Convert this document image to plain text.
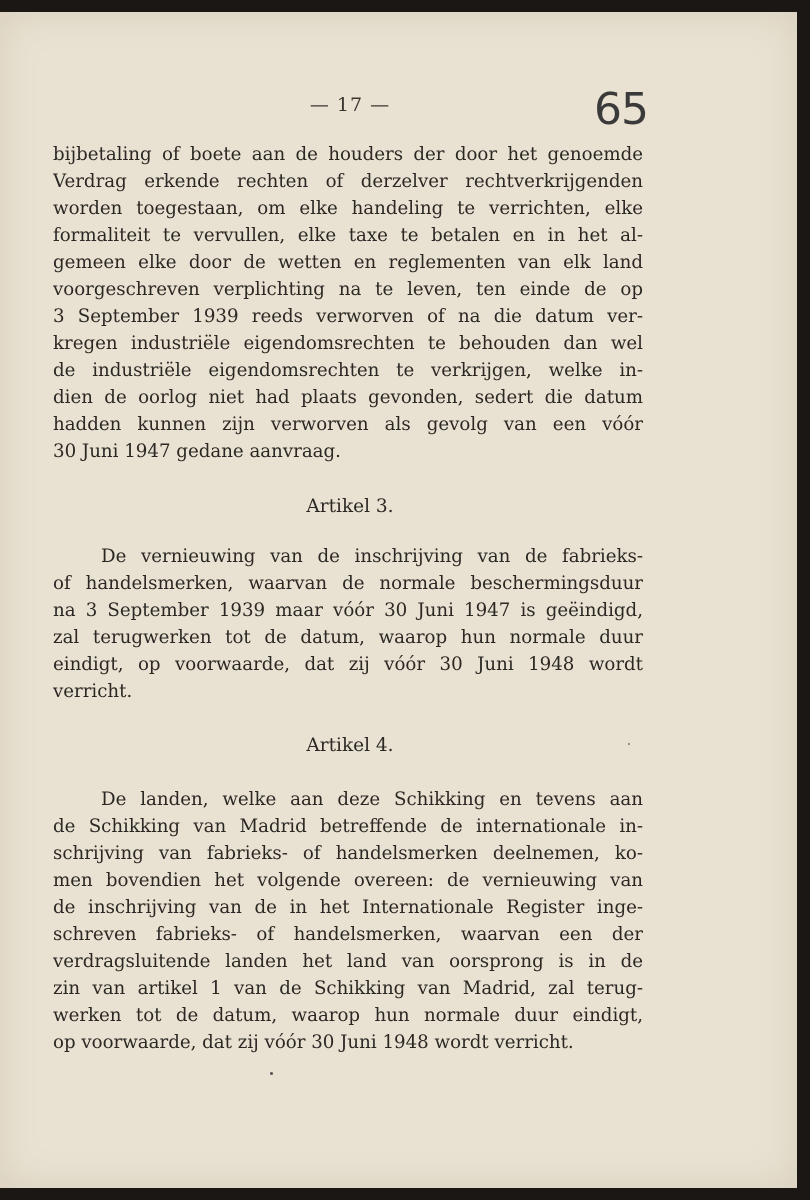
— 17 —	65
bijbetaling of boete aan de houders der door het genoemde
Verdrag erkende rechten of derzelver rechtverkrijgenden
worden toegestaan, om elke handeling te verrichten, elke
formaliteit te vervullen, elke taxe te betalen en in het al-
gemeen elke door de wetten en reglementen van elk land
voorgeschreven verplichting na te leven, ten einde de op
3 September 1939 reeds verworven of na die datum ver-
kregen industriële eigendomsrechten te behouden dan wel
de industriële eigendomsrechten te verkrijgen, welke in-
dien de oorlog niet had plaats gevonden, sedert die datum
hadden kunnen zijn verworven als gevolg van een vóór
30 Juni 1947 gedane aanvraag.
Artikel 3.
De vernieuwing van de inschrijving van de fabrieks-
of handelsmerken, waarvan de normale beschermingsduur
na 3 September 1939 maar vóór 30 Juni 1947 is geëindigd,
zal terugwerken tot de datum, waarop hun normale duur
eindigt, op voorwaarde, dat zij vóór 30 Juni 1948 wordt
verricht.
Artikel 4.
De landen, welke aan deze Schikking en tevens aan
de Schikking van Madrid betreffende de internationale in-
schrijving van fabrieks- of handelsmerken deelnemen, ko-
men bovendien het volgende overeen: de vernieuwing van
de inschrijving van de in het Internationale Register inge-
schreven fabrieks- of handelsmerken, waarvan een der
verdragsluitende landen het land van oorsprong is in de
zin van artikel 1 van de Schikking van Madrid, zal terug-
werken tot de datum, waarop hun normale duur eindigt,
op voorwaarde, dat zij vóór 30 Juni 1948 wordt verricht.
